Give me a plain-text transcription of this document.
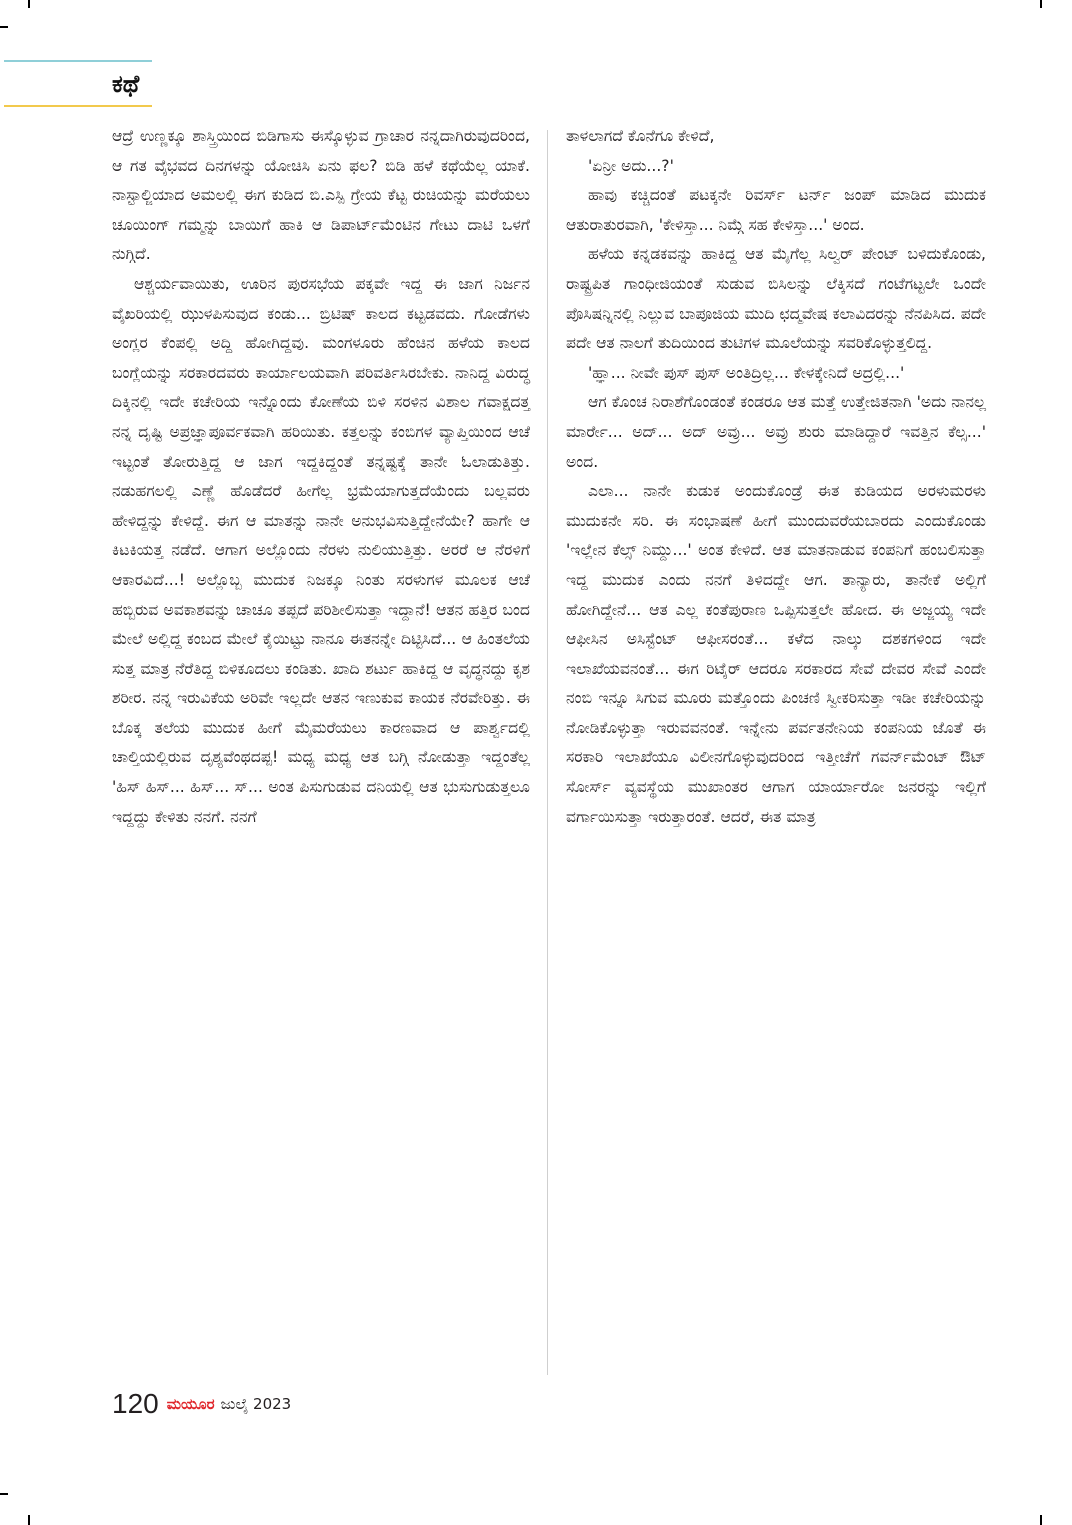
ಕಥೆ

ಆದ್ರೆ ಉಣ್ಣಕ್ಕೂ ಶಾಸ್ತ್ರಿಯಿಂದ ಬಿಡಿಗಾಸು ಈಸ್ಕೊಳ್ಳುವ ಗ್ರಾಚಾರ ನನ್ನದಾಗಿರುವುದರಿಂದ, ಆ ಗತ ವೈಭವದ ದಿನಗಳನ್ನು ಯೋಚಿಸಿ ಏನು ಫಲ? ಬಿಡಿ ಹಳೆ ಕಥೆಯೆಲ್ಲ ಯಾಕೆ. ನಾಸ್ಟಾಲ್ಜಿಯಾದ ಅಮಲಲ್ಲಿ ಈಗ ಕುಡಿದ ಬಿ.ಎಸ್ಪಿ ಗ್ರೇಯ ಕೆಟ್ಟ ರುಚಿಯನ್ನು ಮರೆಯಲು ಚೂಯಿಂಗ್ ಗಮ್ಮನ್ನು ಬಾಯಿಗೆ ಹಾಕಿ ಆ ಡಿಪಾರ್ಟ್‌ಮೆಂಟಿನ ಗೇಟು ದಾಟಿ ಒಳಗೆ ನುಗ್ಗಿದೆ.

ಆಶ್ಚರ್ಯವಾಯಿತು, ಊರಿನ ಪುರಸಭೆಯ ಪಕ್ಕವೇ ಇದ್ದ ಈ ಜಾಗ ನಿರ್ಜನ ವೈಖರಿಯಲ್ಲಿ ಝುಳಪಿಸುವುದ ಕಂಡು... ಬ್ರಿಟಿಷ್ ಕಾಲದ ಕಟ್ಟಡವದು. ಗೋಡೆಗಳು ಅಂಗ್ಲರ ಕೆಂಪಲ್ಲಿ ಅದ್ದಿ ಹೋಗಿದ್ದವು. ಮಂಗಳೂರು ಹೆಂಚಿನ ಹಳೆಯ ಕಾಲದ ಬಂಗ್ಲೆಯನ್ನು ಸರಕಾರದವರು ಕಾರ್ಯಾಲಯವಾಗಿ ಪರಿವರ್ತಿಸಿರಬೇಕು. ನಾನಿದ್ದ ವಿರುದ್ಧ ದಿಕ್ಕಿನಲ್ಲಿ ಇದೇ ಕಚೇರಿಯ ಇನ್ನೊಂದು ಕೋಣೆಯ ಬಿಳಿ ಸರಳಿನ ವಿಶಾಲ ಗವಾಕ್ಷದತ್ತ ನನ್ನ ದೃಷ್ಟಿ ಅಪ್ರಜ್ಞಾಪೂರ್ವಕವಾಗಿ ಹರಿಯಿತು. ಕತ್ತಲನ್ನು ಕಂಬಿಗಳ ವ್ಯಾಪ್ತಿಯಿಂದ ಆಚೆ ಇಟ್ಟಂತೆ ತೋರುತ್ತಿದ್ದ ಆ ಜಾಗ ಇದ್ದಕಿದ್ದಂತೆ ತನ್ನಷ್ಟಕ್ಕೆ ತಾನೇ ಓಲಾಡುತಿತ್ತು. ನಡುಹಗಲಲ್ಲಿ ಎಣ್ಣೆ ಹೊಡೆದರೆ ಹೀಗೆಲ್ಲ ಭ್ರಮೆಯಾಗುತ್ತದೆಯೆಂದು ಬಲ್ಲವರು ಹೇಳಿದ್ದನ್ನು ಕೇಳಿದ್ದೆ. ಈಗ ಆ ಮಾತನ್ನು ನಾನೇ ಅನುಭವಿಸುತ್ತಿದ್ದೇನೆಯೇ? ಹಾಗೇ ಆ ಕಿಟಕಿಯತ್ತ ನಡೆದೆ. ಆಗಾಗ ಅಲ್ಲೊಂದು ನೆರಳು ನುಲಿಯುತ್ತಿತ್ತು. ಅರರೆ ಆ ನೆರಳಿಗೆ ಆಕಾರವಿದೆ...! ಅಲ್ಲೊಬ್ಬ ಮುದುಕ ನಿಜಕ್ಕೂ ನಿಂತು ಸರಳುಗಳ ಮೂಲಕ ಆಚೆ ಹಬ್ಬಿರುವ ಅವಕಾಶವನ್ನು ಚಾಚೂ ತಪ್ಪದೆ ಪರಿಶೀಲಿಸುತ್ತಾ ಇದ್ದಾನೆ! ಆತನ ಹತ್ತಿರ ಬಂದ ಮೇಲೆ ಅಲ್ಲಿದ್ದ ಕಂಬದ ಮೇಲೆ ಕೈಯಿಟ್ಟು ನಾನೂ ಈತನನ್ನೇ ದಿಟ್ಟಿಸಿದೆ... ಆ ಹಿಂತಲೆಯ ಸುತ್ತ ಮಾತ್ರ ನೆರೆತಿದ್ದ ಬಿಳಿಕೂದಲು ಕಂಡಿತು. ಖಾದಿ ಶರ್ಟು ಹಾಕಿದ್ದ ಆ ವೃದ್ಧನದ್ದು ಕೃಶ ಶರೀರ. ನನ್ನ ಇರುವಿಕೆಯ ಅರಿವೇ ಇಲ್ಲದೇ ಆತನ ಇಣುಕುವ ಕಾಯಕ ನೆರವೇರಿತ್ತು. ಈ ಬೊಕ್ಕ ತಲೆಯ ಮುದುಕ ಹೀಗೆ ಮೈಮರೆಯಲು ಕಾರಣವಾದ ಆ ಪಾರ್ಶ್ವದಲ್ಲಿ ಚಾಲ್ತಿಯಲ್ಲಿರುವ ದೃಶ್ಯವೆಂಥದಪ್ಪ! ಮಧ್ಯ ಮಧ್ಯ ಆತ ಬಗ್ಗಿ ನೋಡುತ್ತಾ ಇದ್ದಂತೆಲ್ಲ 'ಹಿಸ್ ಹಿಸ್... ಹಿಸ್... ಸ್... ಅಂತ ಪಿಸುಗುಡುವ ದನಿಯಲ್ಲಿ ಆತ ಭುಸುಗುಡುತ್ತಲೂ ಇದ್ದದ್ದು ಕೇಳಿತು ನನಗೆ. ನನಗೆ

ತಾಳಲಾಗದೆ ಕೊನೆಗೂ ಕೇಳಿದೆ,

'ಏನ್ರೀ ಅದು...?'

ಹಾವು ಕಚ್ಚಿದಂತೆ ಪಟಕ್ಕನೇ ರಿವರ್ಸ್ ಟರ್ನ್ ಜಂಪ್ ಮಾಡಿದ ಮುದುಕ ಆತುರಾತುರವಾಗಿ, 'ಕೇಳಿಸ್ತಾ... ನಿಮ್ಗೆ ಸಹ ಕೇಳಿಸ್ತಾ...' ಅಂದ.

ಹಳೆಯ ಕನ್ನಡಕವನ್ನು ಹಾಕಿದ್ದ ಆತ ಮೈಗೆಲ್ಲ ಸಿಲ್ವರ್ ಪೇಂಟ್ ಬಳಿದುಕೊಂಡು, ರಾಷ್ಟ್ರಪಿತ ಗಾಂಧೀಜಿಯಂತೆ ಸುಡುವ ಬಿಸಿಲನ್ನು ಲೆಕ್ಕಿಸದೆ ಗಂಟೆಗಟ್ಟಲೇ ಒಂದೇ ಪೊಸಿಷನ್ನಿನಲ್ಲಿ ನಿಲ್ಲುವ ಬಾಪೂಜಿಯ ಮುದಿ ಛದ್ಮವೇಷ ಕಲಾವಿದರನ್ನು ನೆನಪಿಸಿದ. ಪದೇ ಪದೇ ಆತ ನಾಲಗೆ ತುದಿಯಿಂದ ತುಟಿಗಳ ಮೂಲೆಯನ್ನು ಸವರಿಕೊಳ್ಳುತ್ತಲಿದ್ದ.

'ಹ್ಞಾ... ನೀವೇ ಪುಸ್ ಪುಸ್ ಅಂತಿದ್ರಿಲ್ಲ... ಕೇಳಕ್ಕೇನಿದೆ ಅದ್ರಲ್ಲಿ...'

ಆಗ ಕೊಂಚ ನಿರಾಶೆಗೊಂಡಂತೆ ಕಂಡರೂ ಆತ ಮತ್ತೆ ಉತ್ತೇಜಿತನಾಗಿ 'ಅದು ನಾನಲ್ಲ ಮಾರ್ರೇ... ಅದ್... ಅದ್ ಅವ್ರು... ಅವ್ರು ಶುರು ಮಾಡಿದ್ದಾರೆ ಇವತ್ತಿನ ಕೆಲ್ಸ...' ಅಂದ.

ಎಲಾ... ನಾನೇ ಕುಡುಕ ಅಂದುಕೊಂಡ್ರೆ ಈತ ಕುಡಿಯದ ಅರಳುಮರಳು ಮುದುಕನೇ ಸರಿ. ಈ ಸಂಭಾಷಣೆ ಹೀಗೆ ಮುಂದುವರೆಯಬಾರದು ಎಂದುಕೊಂಡು 'ಇಲ್ಲೇನ ಕೆಲ್ಸ್ ನಿಮ್ದು...' ಅಂತ ಕೇಳಿದೆ. ಆತ ಮಾತನಾಡುವ ಕಂಪನಿಗೆ ಹಂಬಲಿಸುತ್ತಾ ಇದ್ದ ಮುದುಕ ಎಂದು ನನಗೆ ತಿಳಿದದ್ದೇ ಆಗ. ತಾನ್ಯಾರು, ತಾನೇಕೆ ಅಲ್ಲಿಗೆ ಹೋಗಿದ್ದೇನೆ... ಆತ ಎಲ್ಲ ಕಂತೆಪುರಾಣ ಒಪ್ಪಿಸುತ್ತಲೇ ಹೋದ. ಈ ಅಜ್ಜಯ್ಯ ಇದೇ ಆಫೀಸಿನ ಅಸಿಸ್ಟೆಂಟ್ ಆಫೀಸರಂತೆ... ಕಳೆದ ನಾಲ್ಕು ದಶಕಗಳಿಂದ ಇದೇ ಇಲಾಖೆಯವನಂತೆ... ಈಗ ರಿಟೈರ್ ಆದರೂ ಸರಕಾರದ ಸೇವೆ ದೇವರ ಸೇವೆ ಎಂದೇ ನಂಬಿ ಇನ್ನೂ ಸಿಗುವ ಮೂರು ಮತ್ತೊಂದು ಪಿಂಚಣಿ ಸ್ವೀಕರಿಸುತ್ತಾ ಇಡೀ ಕಚೇರಿಯನ್ನು ನೋಡಿಕೊಳ್ಳುತ್ತಾ ಇರುವವನಂತೆ. ಇನ್ನೇನು ಪರ್ವತನೇನಿಯ ಕಂಪನಿಯ ಜೊತೆ ಈ ಸರಕಾರಿ ಇಲಾಖೆಯೂ ವಿಲೀನಗೊಳ್ಳುವುದರಿಂದ ಇತ್ತೀಚೆಗೆ ಗವರ್ನ್‌ಮೆಂಟ್ ಔಟ್ ಸೋರ್ಸ್ ವ್ಯವಸ್ಥೆಯ ಮುಖಾಂತರ ಆಗಾಗ ಯಾರ್ಯಾರೋ ಜನರನ್ನು ಇಲ್ಲಿಗೆ ವರ್ಗಾಯಿಸುತ್ತಾ ಇರುತ್ತಾರಂತೆ. ಆದರೆ, ಈತ ಮಾತ್ರ

120 ಮಯೂರ ಜುಲೈ 2023
